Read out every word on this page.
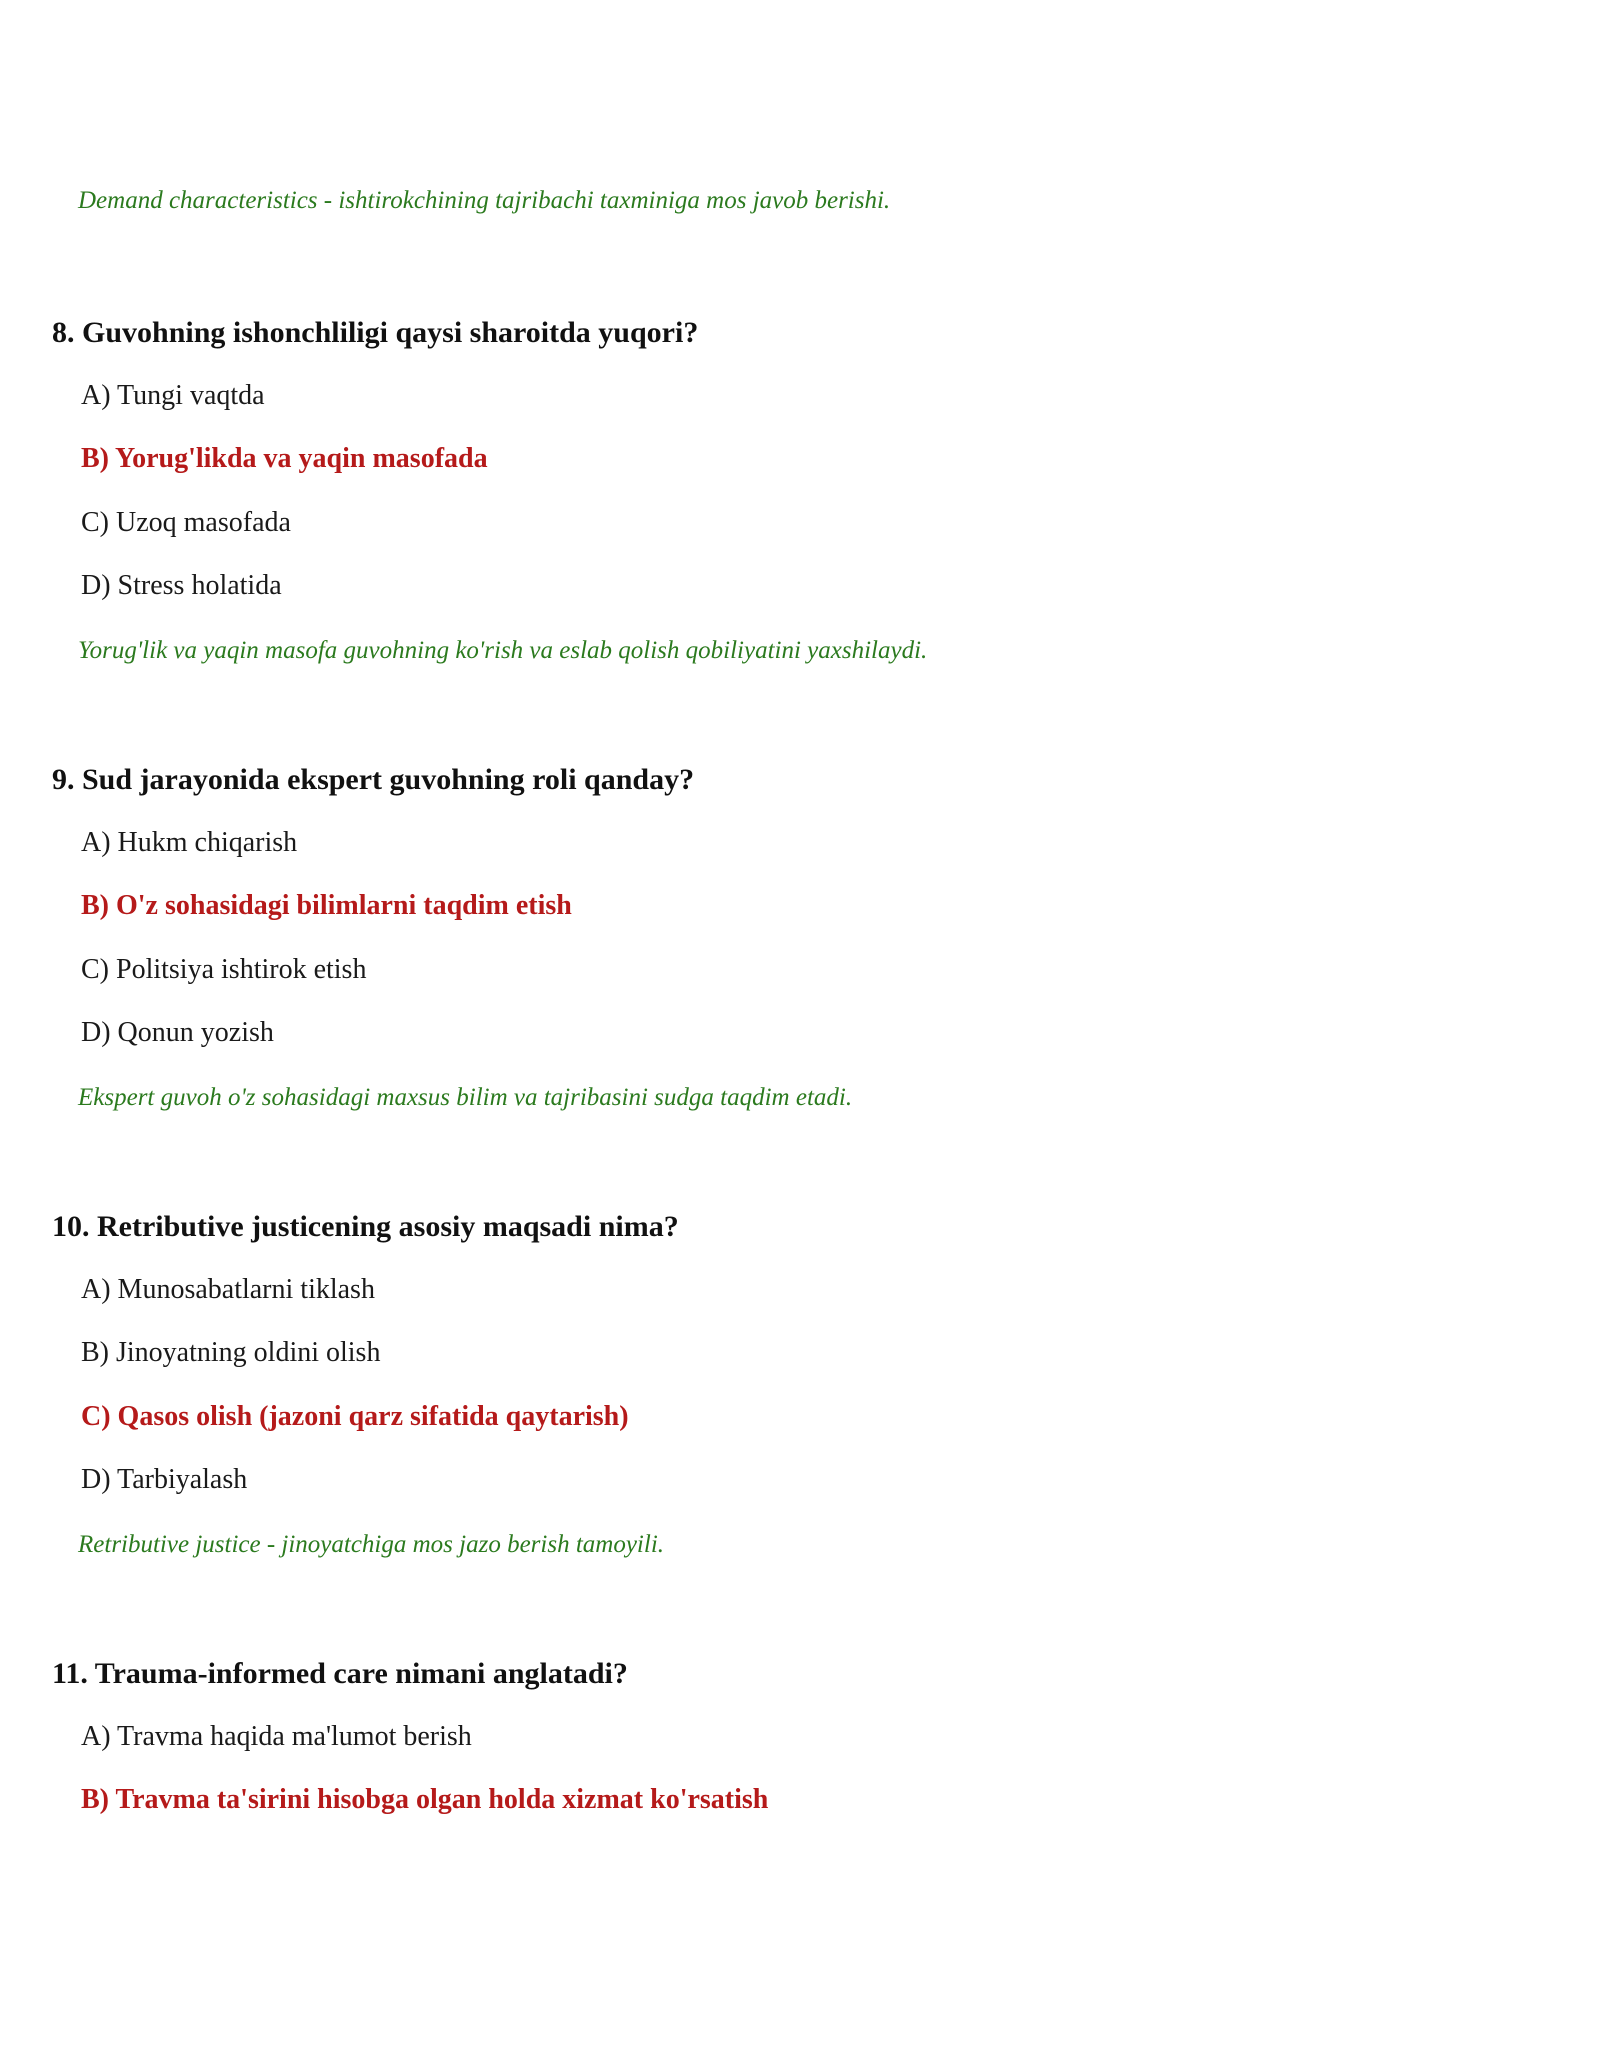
Demand characteristics - ishtirokchining tajribachi taxminiga mos javob berishi.
8. Guvohning ishonchliligi qaysi sharoitda yuqori?
A) Tungi vaqtda
B) Yorug'likda va yaqin masofada
C) Uzoq masofada
D) Stress holatida
Yorug'lik va yaqin masofa guvohning ko'rish va eslab qolish qobiliyatini yaxshilaydi.
9. Sud jarayonida ekspert guvohning roli qanday?
A) Hukm chiqarish
B) O'z sohasidagi bilimlarni taqdim etish
C) Politsiya ishtirok etish
D) Qonun yozish
Ekspert guvoh o'z sohasidagi maxsus bilim va tajribasini sudga taqdim etadi.
10. Retributive justicening asosiy maqsadi nima?
A) Munosabatlarni tiklash
B) Jinoyatning oldini olish
C) Qasos olish (jazoni qarz sifatida qaytarish)
D) Tarbiyalash
Retributive justice - jinoyatchiga mos jazo berish tamoyili.
11. Trauma-informed care nimani anglatadi?
A) Travma haqida ma'lumot berish
B) Travma ta'sirini hisobga olgan holda xizmat ko'rsatish
